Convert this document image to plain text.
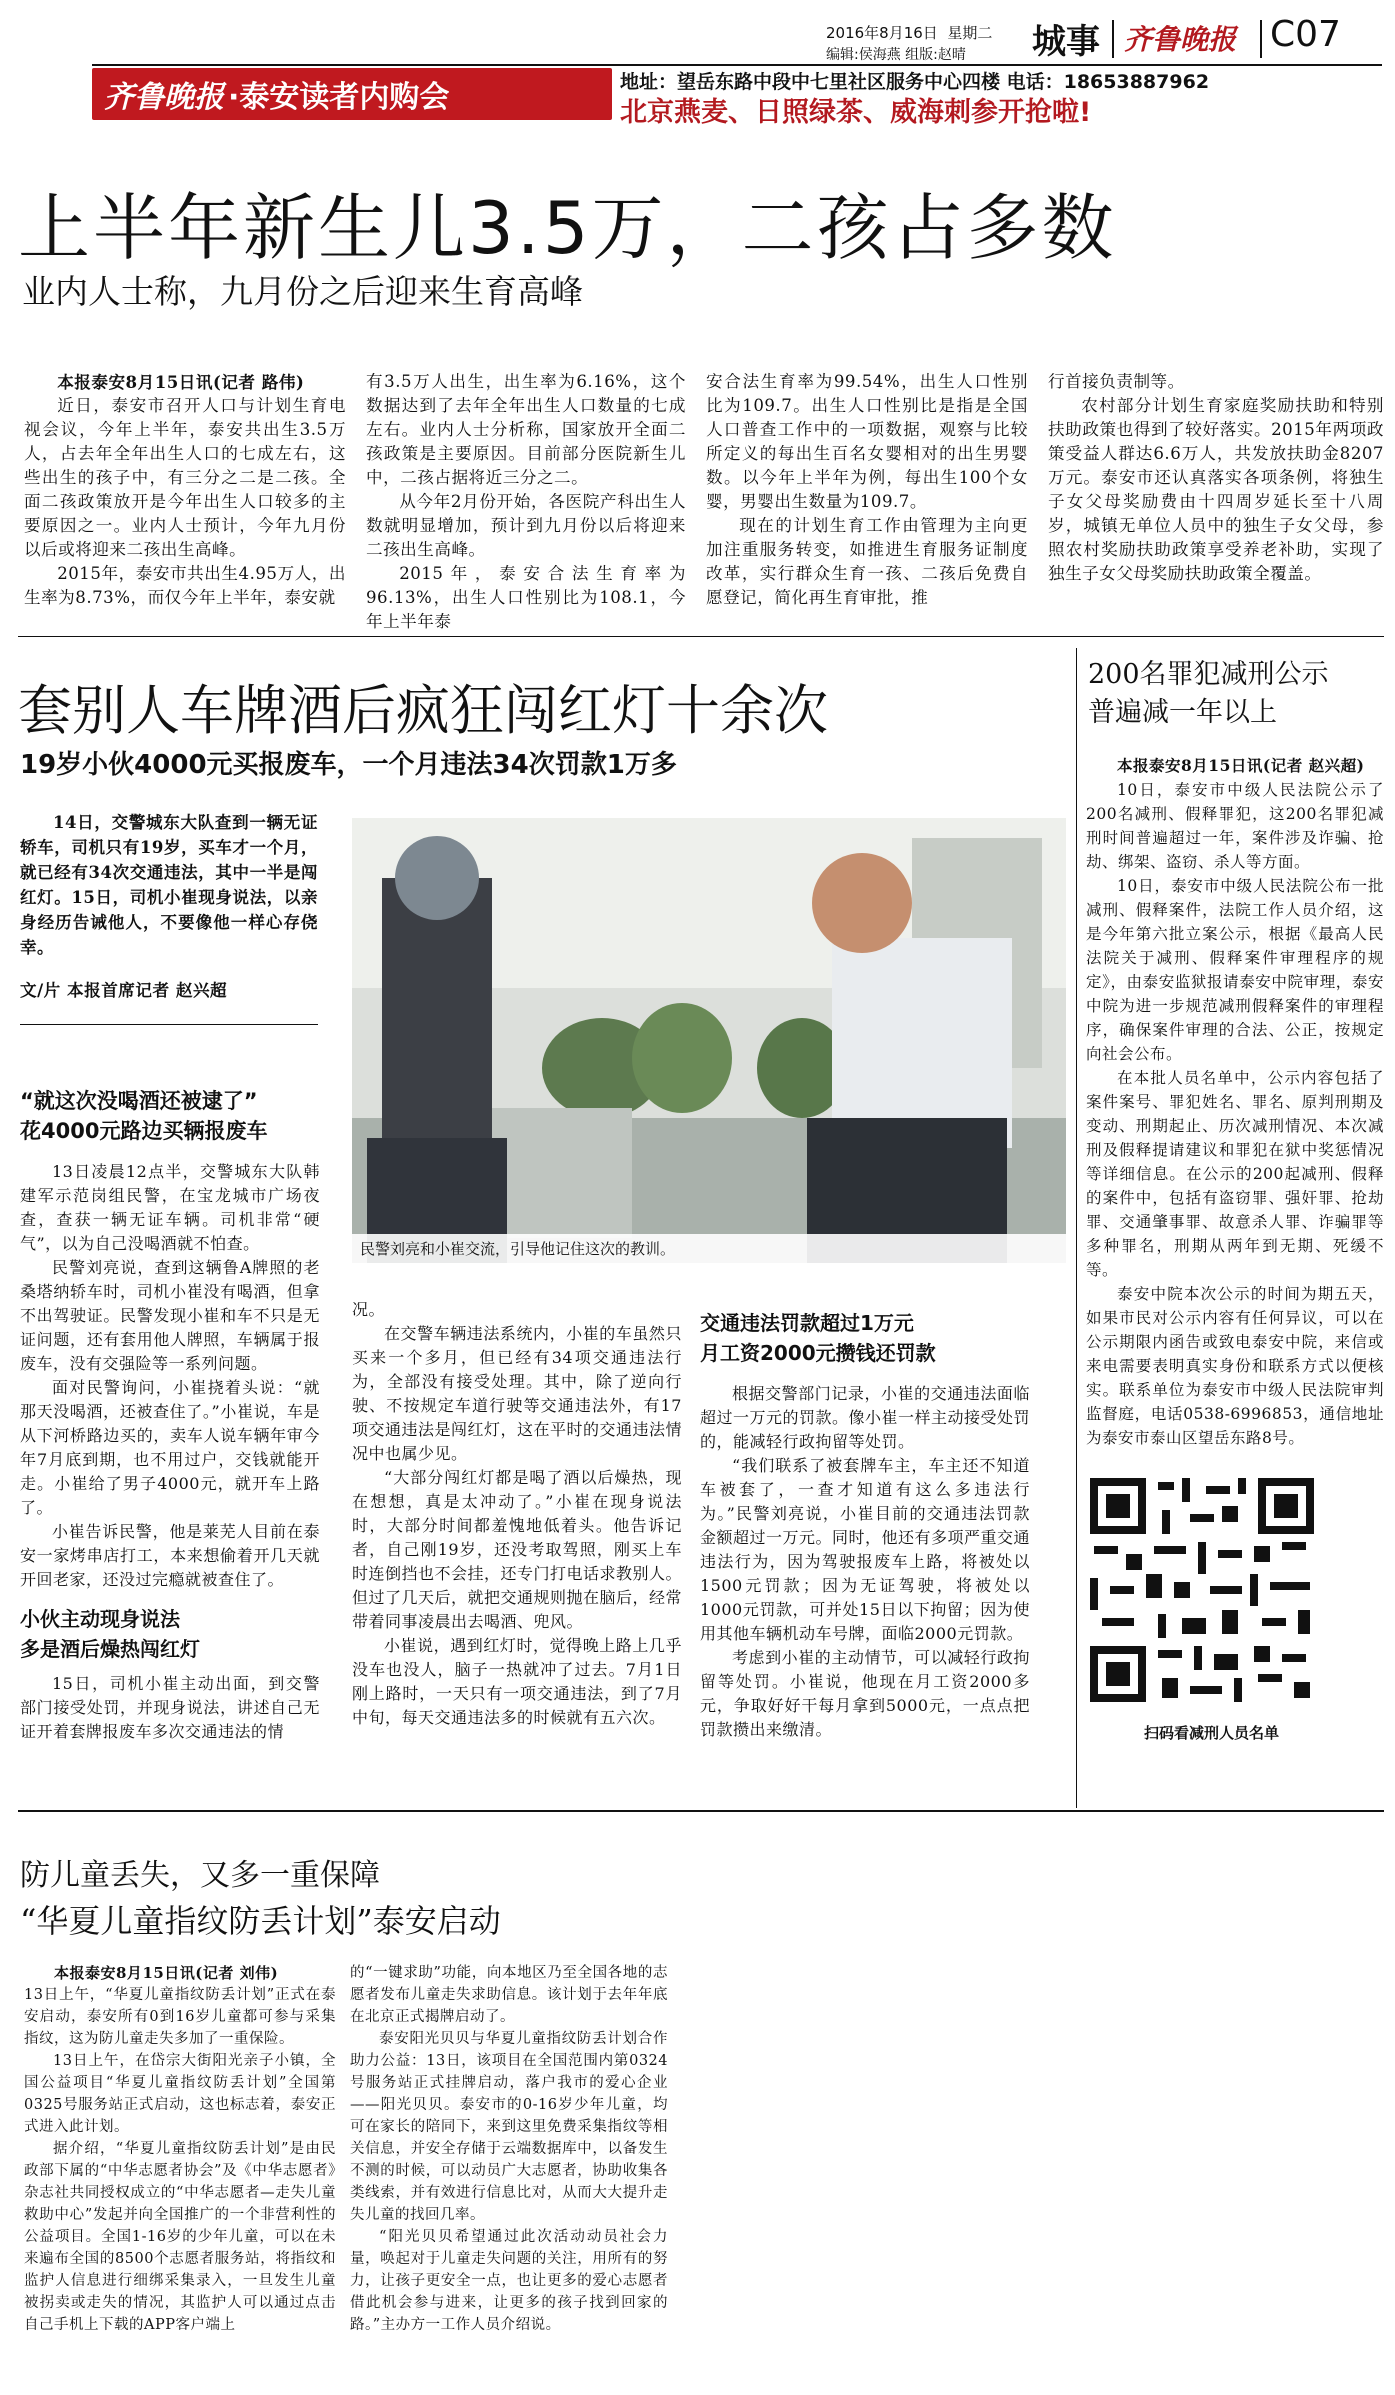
2016年8月16日 星期二 城事 齐鲁晚报 C07
编辑:侯海燕 组版:赵晴
齐鲁晚报 ·泰安读者内购会	地址：望岳东路中段中七里社区服务中心四楼 电话：18653887962
北京燕麦、日照绿茶、威海刺参开抢啦!
上半年新生儿3.5万，二孩占多数
业内人士称，九月份之后迎来生育高峰

本报泰安8月15日讯(记者 路伟)

近日，泰安市召开人口与计划生育电视会议，今年上半年，泰安共出生3.5万人，占去年全年出生人口的七成左右，这些出生的孩子中，有三分之二是二孩。全面二孩政策放开是今年出生人口较多的主要原因之一。业内人士预计，今年九月份以后或将迎来二孩出生高峰。

2015年，泰安市共出生4.95万人，出生率为8.73%，而仅今年上半年，泰安就

有3.5万人出生，出生率为6.16%，这个数据达到了去年全年出生人口数量的七成左右。业内人士分析称，国家放开全面二孩政策是主要原因。目前部分医院新生儿中，二孩占据将近三分之二。

从今年2月份开始，各医院产科出生人数就明显增加，预计到九月份以后将迎来二孩出生高峰。

2015年，泰安合法生育率为96.13%，出生人口性别比为108.1，今年上半年泰

安合法生育率为99.54%，出生人口性别比为109.7。出生人口性别比是指是全国人口普查工作中的一项数据，观察与比较所定义的每出生百名女婴相对的出生男婴数。以今年上半年为例，每出生100个女婴，男婴出生数量为109.7。

现在的计划生育工作由管理为主向更加注重服务转变，如推进生育服务证制度改革，实行群众生育一孩、二孩后免费自愿登记，简化再生育审批，推

行首接负责制等。

农村部分计划生育家庭奖励扶助和特别扶助政策也得到了较好落实。2015年两项政策受益人群达6.6万人，共发放扶助金8207万元。泰安市还认真落实各项条例，将独生子女父母奖励费由十四周岁延长至十八周岁，城镇无单位人员中的独生子女父母，参照农村奖励扶助政策享受养老补助，实现了独生子女父母奖励扶助政策全覆盖。

套别人车牌酒后疯狂闯红灯十余次
19岁小伙4000元买报废车，一个月违法34次罚款1万多

14日，交警城东大队查到一辆无证轿车，司机只有19岁，买车才一个月，就已经有34次交通违法，其中一半是闯红灯。15日，司机小崔现身说法，以亲身经历告诫他人，不要像他一样心存侥幸。

文/片 本报首席记者 赵兴超

民警刘亮和小崔交流，引导他记住这次的教训。

“就这次没喝酒还被逮了”

花4000元路边买辆报废车

13日凌晨12点半，交警城东大队韩建军示范岗组民警，在宝龙城市广场夜查，查获一辆无证车辆。司机非常“硬气”，以为自己没喝酒就不怕查。

民警刘亮说，查到这辆鲁A牌照的老桑塔纳轿车时，司机小崔没有喝酒，但拿不出驾驶证。民警发现小崔和车不只是无证问题，还有套用他人牌照，车辆属于报废车，没有交强险等一系列问题。

面对民警询问，小崔挠着头说：“就那天没喝酒，还被查住了。”小崔说，车是从下河桥路边买的，卖车人说车辆年审今年7月底到期，也不用过户，交钱就能开走。小崔给了男子4000元，就开车上路了。

小崔告诉民警，他是莱芜人目前在泰安一家烤串店打工，本来想偷着开几天就开回老家，还没过完瘾就被查住了。

小伙主动现身说法

多是酒后燥热闯红灯

15日，司机小崔主动出面，到交警部门接受处罚，并现身说法，讲述自己无证开着套牌报废车多次交通违法的情

况。

在交警车辆违法系统内，小崔的车虽然只买来一个多月，但已经有34项交通违法行为，全部没有接受处理。其中，除了逆向行驶、不按规定车道行驶等交通违法外，有17项交通违法是闯红灯，这在平时的交通违法情况中也属少见。

“大部分闯红灯都是喝了酒以后燥热，现在想想，真是太冲动了。”小崔在现身说法时，大部分时间都羞愧地低着头。他告诉记者，自己刚19岁，还没考取驾照，刚买上车时连倒挡也不会挂，还专门打电话求教别人。但过了几天后，就把交通规则抛在脑后，经常带着同事凌晨出去喝酒、兜风。

小崔说，遇到红灯时，觉得晚上路上几乎没车也没人，脑子一热就冲了过去。7月1日刚上路时，一天只有一项交通违法，到了7月中旬，每天交通违法多的时候就有五六次。

交通违法罚款超过1万元

月工资2000元攒钱还罚款

根据交警部门记录，小崔的交通违法面临超过一万元的罚款。像小崔一样主动接受处罚的，能减轻行政拘留等处罚。

“我们联系了被套牌车主，车主还不知道车被套了，一查才知道有这么多违法行为。”民警刘亮说，小崔目前的交通违法罚款金额超过一万元。同时，他还有多项严重交通违法行为，因为驾驶报废车上路，将被处以1500元罚款；因为无证驾驶，将被处以1000元罚款，可并处15日以下拘留；因为使用其他车辆机动车号牌，面临2000元罚款。

考虑到小崔的主动情节，可以减轻行政拘留等处罚。小崔说，他现在月工资2000多元，争取好好干每月拿到5000元，一点点把罚款攒出来缴清。

200名罪犯减刑公示

普遍减一年以上

本报泰安8月15日讯(记者 赵兴超)

10日，泰安市中级人民法院公示了200名减刑、假释罪犯，这200名罪犯减刑时间普遍超过一年，案件涉及诈骗、抢劫、绑架、盗窃、杀人等方面。

10日，泰安市中级人民法院公布一批减刑、假释案件，法院工作人员介绍，这是今年第六批立案公示，根据《最高人民法院关于减刑、假释案件审理程序的规定》，由泰安监狱报请泰安中院审理，泰安中院为进一步规范减刑假释案件的审理程序，确保案件审理的合法、公正，按规定向社会公布。

在本批人员名单中，公示内容包括了案件案号、罪犯姓名、罪名、原判刑期及变动、刑期起止、历次减刑情况、本次减刑及假释提请建议和罪犯在狱中奖惩情况等详细信息。在公示的200起减刑、假释的案件中，包括有盗窃罪、强奸罪、抢劫罪、交通肇事罪、故意杀人罪、诈骗罪等多种罪名，刑期从两年到无期、死缓不等。

泰安中院本次公示的时间为期五天，如果市民对公示内容有任何异议，可以在公示期限内函告或致电泰安中院，来信或来电需要表明真实身份和联系方式以便核实。联系单位为泰安市中级人民法院审判监督庭，电话0538-6996853，通信地址为泰安市泰山区望岳东路8号。

扫码看减刑人员名单
防儿童丢失，又多一重保障
“华夏儿童指纹防丢计划”泰安启动

本报泰安8月15日讯(记者 刘伟)

13日上午，“华夏儿童指纹防丢计划”正式在泰安启动，泰安所有0到16岁儿童都可参与采集指纹，这为防儿童走失多加了一重保险。

13日上午，在岱宗大街阳光亲子小镇，全国公益项目“华夏儿童指纹防丢计划”全国第0325号服务站正式启动，这也标志着，泰安正式进入此计划。

据介绍，“华夏儿童指纹防丢计划”是由民政部下属的“中华志愿者协会”及《中华志愿者》杂志社共同授权成立的“中华志愿者—走失儿童救助中心”发起并向全国推广的一个非营利性的公益项目。全国1-16岁的少年儿童，可以在未来遍布全国的8500个志愿者服务站，将指纹和监护人信息进行细绑采集录入，一旦发生儿童被拐卖或走失的情况，其监护人可以通过点击自己手机上下载的APP客户端上

的“一键求助”功能，向本地区乃至全国各地的志愿者发布儿童走失求助信息。该计划于去年年底在北京正式揭牌启动了。

泰安阳光贝贝与华夏儿童指纹防丢计划合作助力公益：13日，该项目在全国范围内第0324号服务站正式挂牌启动，落户我市的爱心企业——阳光贝贝。泰安市的0-16岁少年儿童，均可在家长的陪同下，来到这里免费采集指纹等相关信息，并安全存储于云端数据库中，以备发生不测的时候，可以动员广大志愿者，协助收集各类线索，并有效进行信息比对，从而大大提升走失儿童的找回几率。

“阳光贝贝希望通过此次活动动员社会力量，唤起对于儿童走失问题的关注，用所有的努力，让孩子更安全一点，也让更多的爱心志愿者借此机会参与进来，让更多的孩子找到回家的路。”主办方一工作人员介绍说。
